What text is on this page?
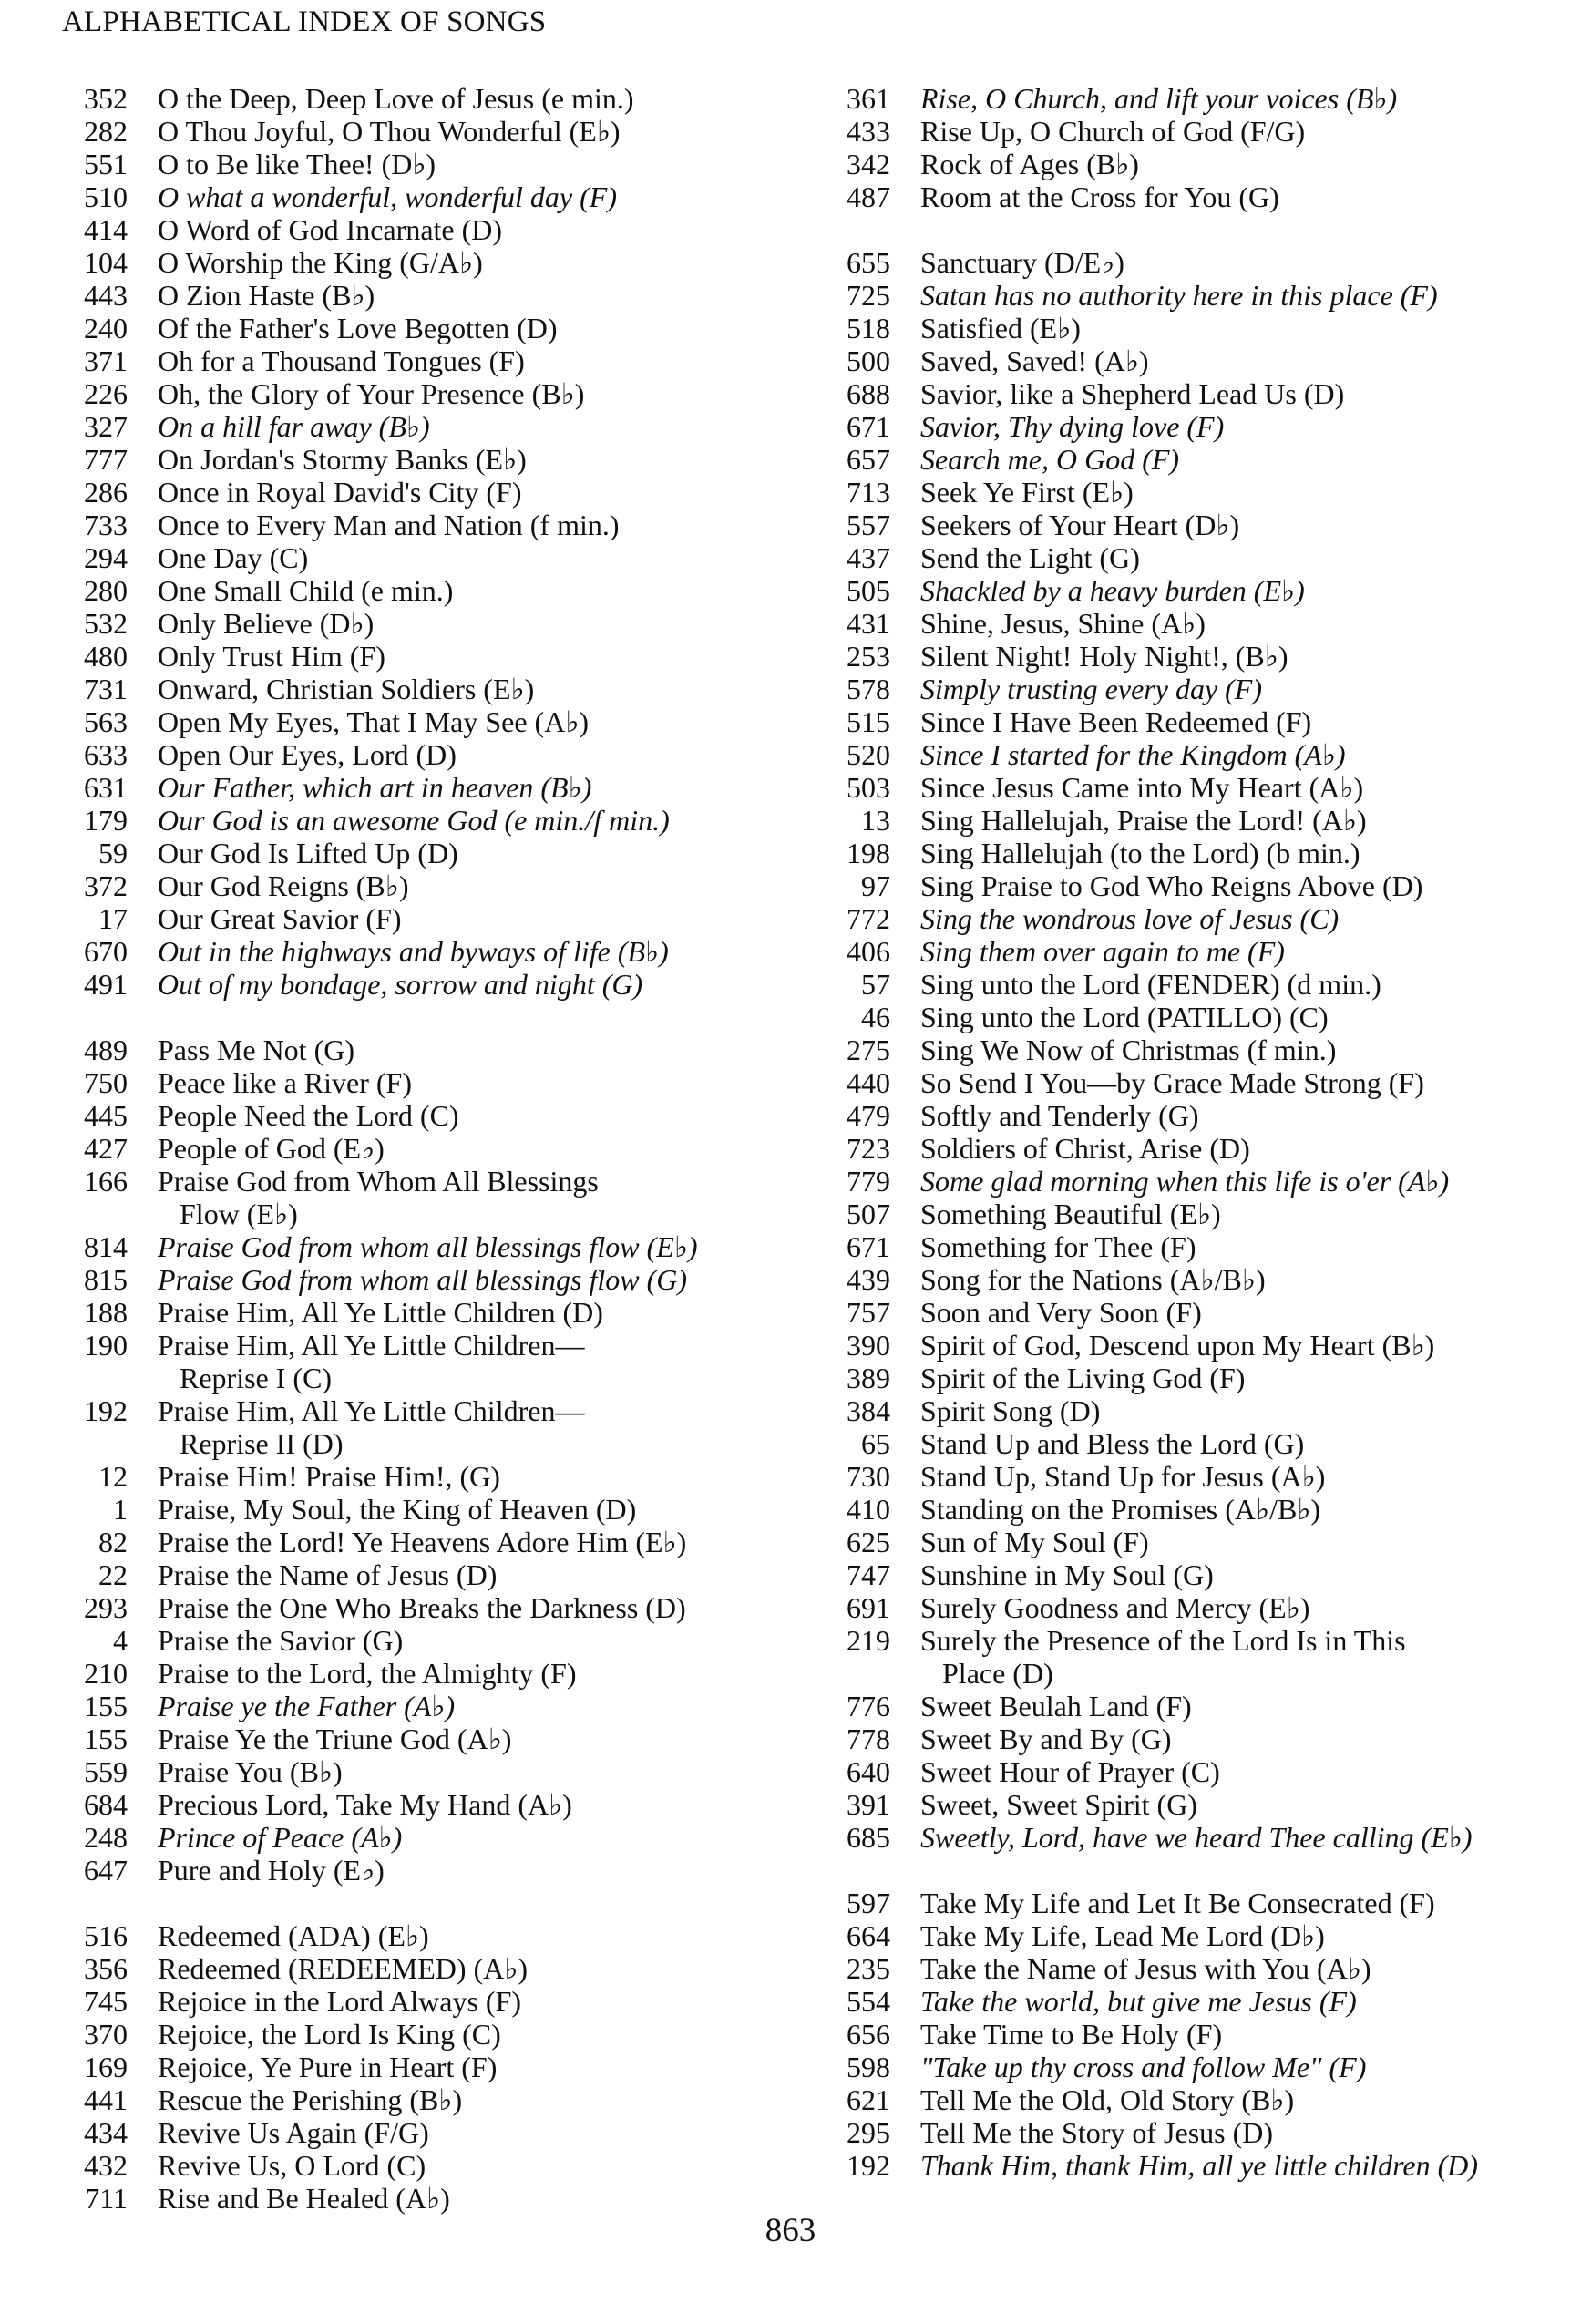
ALPHABETICAL INDEX OF SONGS
352 O the Deep, Deep Love of Jesus (e min.)
282 O Thou Joyful, O Thou Wonderful (E♭)
551 O to Be like Thee! (D♭)
510 O what a wonderful, wonderful day (F)
414 O Word of God Incarnate (D)
104 O Worship the King (G/A♭)
443 O Zion Haste (B♭)
240 Of the Father's Love Begotten (D)
371 Oh for a Thousand Tongues (F)
226 Oh, the Glory of Your Presence (B♭)
327 On a hill far away (B♭)
777 On Jordan's Stormy Banks (E♭)
286 Once in Royal David's City (F)
733 Once to Every Man and Nation (f min.)
294 One Day (C)
280 One Small Child (e min.)
532 Only Believe (D♭)
480 Only Trust Him (F)
731 Onward, Christian Soldiers (E♭)
563 Open My Eyes, That I May See (A♭)
633 Open Our Eyes, Lord (D)
631 Our Father, which art in heaven (B♭)
179 Our God is an awesome God (e min./f min.)
59 Our God Is Lifted Up (D)
372 Our God Reigns (B♭)
17 Our Great Savior (F)
670 Out in the highways and byways of life (B♭)
491 Out of my bondage, sorrow and night (G)
489 Pass Me Not (G)
750 Peace like a River (F)
445 People Need the Lord (C)
427 People of God (E♭)
166 Praise God from Whom All Blessings
Flow (E♭)
814 Praise God from whom all blessings flow (E♭)
815 Praise God from whom all blessings flow (G)
188 Praise Him, All Ye Little Children (D)
190 Praise Him, All Ye Little Children—
Reprise I (C)
192 Praise Him, All Ye Little Children—
Reprise II (D)
12 Praise Him! Praise Him!, (G)
1 Praise, My Soul, the King of Heaven (D)
82 Praise the Lord! Ye Heavens Adore Him (E♭)
22 Praise the Name of Jesus (D)
293 Praise the One Who Breaks the Darkness (D)
4 Praise the Savior (G)
210 Praise to the Lord, the Almighty (F)
155 Praise ye the Father (A♭)
155 Praise Ye the Triune God (A♭)
559 Praise You (B♭)
684 Precious Lord, Take My Hand (A♭)
248 Prince of Peace (A♭)
647 Pure and Holy (E♭)
516 Redeemed (ADA) (E♭)
356 Redeemed (REDEEMED) (A♭)
745 Rejoice in the Lord Always (F)
370 Rejoice, the Lord Is King (C)
169 Rejoice, Ye Pure in Heart (F)
441 Rescue the Perishing (B♭)
434 Revive Us Again (F/G)
432 Revive Us, O Lord (C)
711 Rise and Be Healed (A♭)
361 Rise, O Church, and lift your voices (B♭)
433 Rise Up, O Church of God (F/G)
342 Rock of Ages (B♭)
487 Room at the Cross for You (G)
655 Sanctuary (D/E♭)
725 Satan has no authority here in this place (F)
518 Satisfied (E♭)
500 Saved, Saved! (A♭)
688 Savior, like a Shepherd Lead Us (D)
671 Savior, Thy dying love (F)
657 Search me, O God (F)
713 Seek Ye First (E♭)
557 Seekers of Your Heart (D♭)
437 Send the Light (G)
505 Shackled by a heavy burden (E♭)
431 Shine, Jesus, Shine (A♭)
253 Silent Night! Holy Night!, (B♭)
578 Simply trusting every day (F)
515 Since I Have Been Redeemed (F)
520 Since I started for the Kingdom (A♭)
503 Since Jesus Came into My Heart (A♭)
13 Sing Hallelujah, Praise the Lord! (A♭)
198 Sing Hallelujah (to the Lord) (b min.)
97 Sing Praise to God Who Reigns Above (D)
772 Sing the wondrous love of Jesus (C)
406 Sing them over again to me (F)
57 Sing unto the Lord (FENDER) (d min.)
46 Sing unto the Lord (PATILLO) (C)
275 Sing We Now of Christmas (f min.)
440 So Send I You—by Grace Made Strong (F)
479 Softly and Tenderly (G)
723 Soldiers of Christ, Arise (D)
779 Some glad morning when this life is o'er (A♭)
507 Something Beautiful (E♭)
671 Something for Thee (F)
439 Song for the Nations (A♭/B♭)
757 Soon and Very Soon (F)
390 Spirit of God, Descend upon My Heart (B♭)
389 Spirit of the Living God (F)
384 Spirit Song (D)
65 Stand Up and Bless the Lord (G)
730 Stand Up, Stand Up for Jesus (A♭)
410 Standing on the Promises (A♭/B♭)
625 Sun of My Soul (F)
747 Sunshine in My Soul (G)
691 Surely Goodness and Mercy (E♭)
219 Surely the Presence of the Lord Is in This
Place (D)
776 Sweet Beulah Land (F)
778 Sweet By and By (G)
640 Sweet Hour of Prayer (C)
391 Sweet, Sweet Spirit (G)
685 Sweetly, Lord, have we heard Thee calling (E♭)
597 Take My Life and Let It Be Consecrated (F)
664 Take My Life, Lead Me Lord (D♭)
235 Take the Name of Jesus with You (A♭)
554 Take the world, but give me Jesus (F)
656 Take Time to Be Holy (F)
598 "Take up thy cross and follow Me" (F)
621 Tell Me the Old, Old Story (B♭)
295 Tell Me the Story of Jesus (D)
192 Thank Him, thank Him, all ye little children (D)
863
